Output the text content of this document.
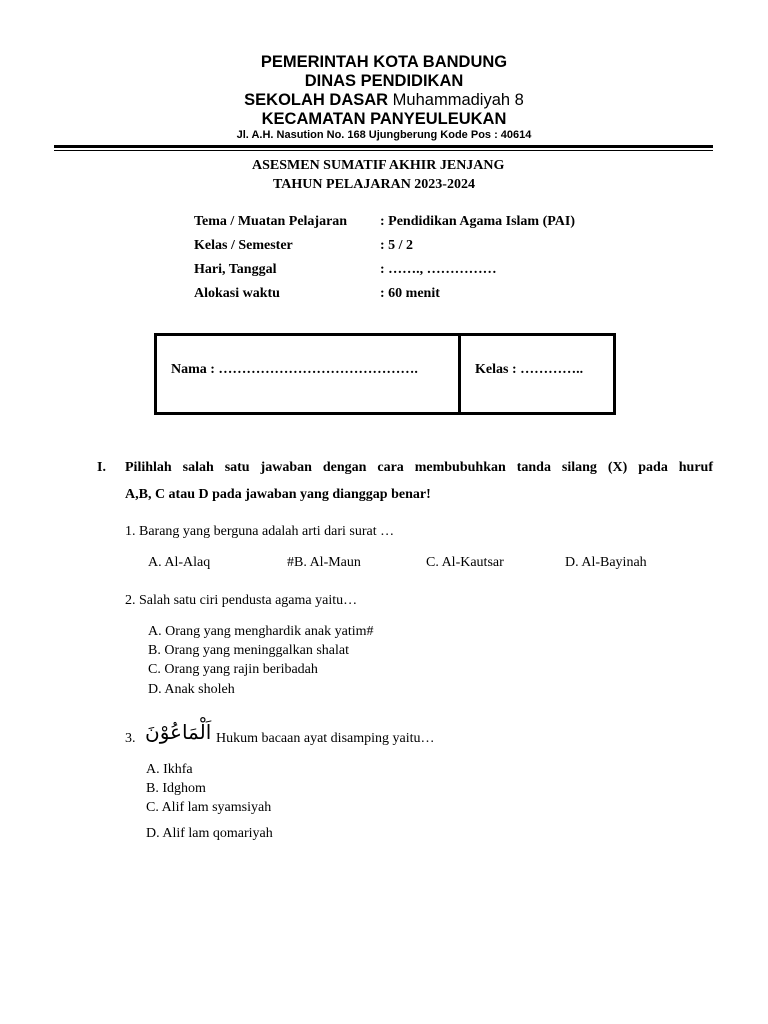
PEMERINTAH KOTA BANDUNG
DINAS PENDIDIKAN
SEKOLAH DASAR Muhammadiyah 8
KECAMATAN PANYEULEUKAN
Jl. A.H. Nasution No. 168 Ujungberung Kode Pos : 40614
ASESMEN SUMATIF AKHIR JENJANG
TAHUN PELAJARAN 2023-2024
Tema / Muatan Pelajaran : Pendidikan Agama Islam (PAI)
Kelas / Semester	: 5 / 2
Hari, Tanggal	: ……., ……………
Alokasi waktu	: 60 menit
Nama : …………………………………….	Kelas : …………..
I. Pilihlah salah satu jawaban dengan cara membubuhkan tanda silang (X) pada huruf
A,B, C atau D pada jawaban yang dianggap benar!
1. Barang yang berguna adalah arti dari surat …
A. Al-Alaq	#B. Al-Maun	C. Al-Kautsar	D. Al-Bayinah
2. Salah satu ciri pendusta agama yaitu…
A. Orang yang menghardik anak yatim#
B. Orang yang meninggalkan shalat
C. Orang yang rajin beribadah
D. Anak sholeh
3. اَلْمَاعُوْنَ Hukum bacaan ayat disamping yaitu…
A. Ikhfa
B. Idghom
C. Alif lam syamsiyah
D. Alif lam qomariyah
